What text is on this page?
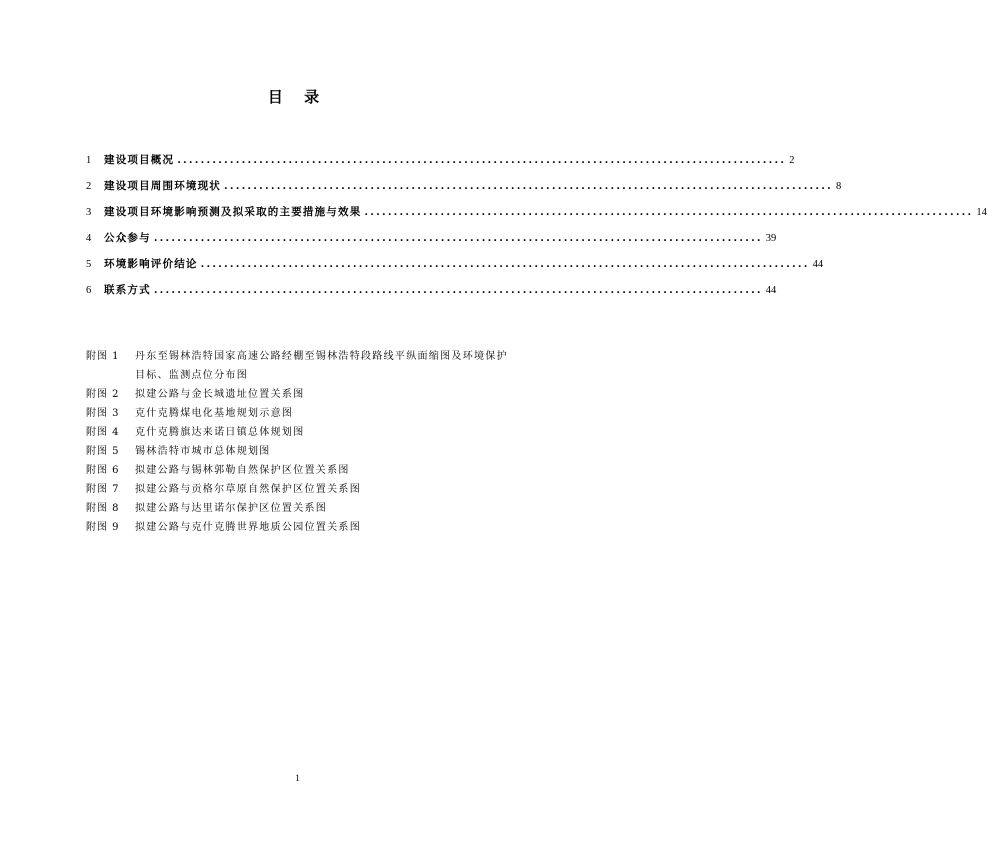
目 录
1	建设项目概况 ........................................................................................................ 2
2	建设项目周围环境现状 ........................................................................................................ 8
3	建设项目环境影响预测及拟采取的主要措施与效果 ........................................................................................................ 14
4	公众参与 ........................................................................................................ 39
5	环境影响评价结论 ........................................................................................................ 44
6	联系方式 ........................................................................................................ 44
附图 1	丹东至锡林浩特国家高速公路经棚至锡林浩特段路线平纵面缩图及环境保护目标、监测点位分布图
附图 2	拟建公路与金长城遗址位置关系图
附图 3	克什克腾煤电化基地规划示意图
附图 4	克什克腾旗达来诺日镇总体规划图
附图 5	锡林浩特市城市总体规划图
附图 6	拟建公路与锡林郭勒自然保护区位置关系图
附图 7	拟建公路与贡格尔草原自然保护区位置关系图
附图 8	拟建公路与达里诺尔保护区位置关系图
附图 9	拟建公路与克什克腾世界地质公园位置关系图
1
